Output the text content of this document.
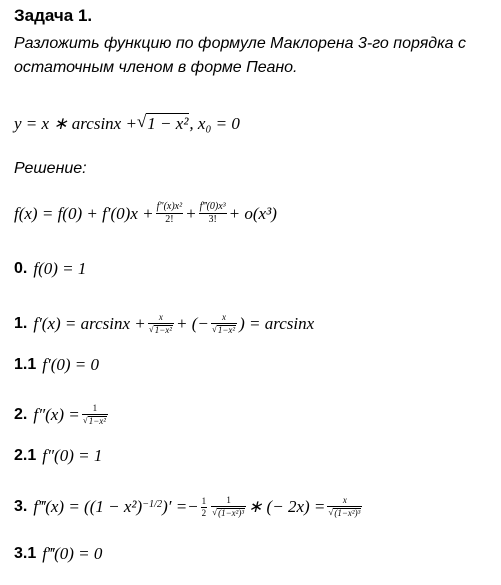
Задача 1.
Разложить функцию по формуле Маклорена 3-го порядка с остаточным членом в форме Пеано.
y = x ∗ arcsinx + √ 1 − x² , x₀ = 0
Решение:
$f(x) = f(0) + f'(0)x + \frac{\text{f″(x)x²}}{2!} + \frac{\text{f‴(0)x³}}{3!} + o(x^3)$
0. f(0) = 1
1. $f'(x) = \arcsin x + \frac{x}{\text{√ 1−x²}}$ + (− $\frac{x}{\text{√ 1−x²}}$ ) = arcsinx
1.1 f′(0) = 0
2. $f''(x) = \frac{1}{\text{√ 1−x²}}$
2.1 f″(0) = 1
3. f‴(x) = ($(1 - x^2)^{-1/2}$ )′ =− $\frac{1}{2} \frac{1}{\text{√ (1−x²)³}}$ ∗ (− $2x) = \frac{x}{\text{√ (1−x²)³}}$
3.1 f‴(0) = 0
